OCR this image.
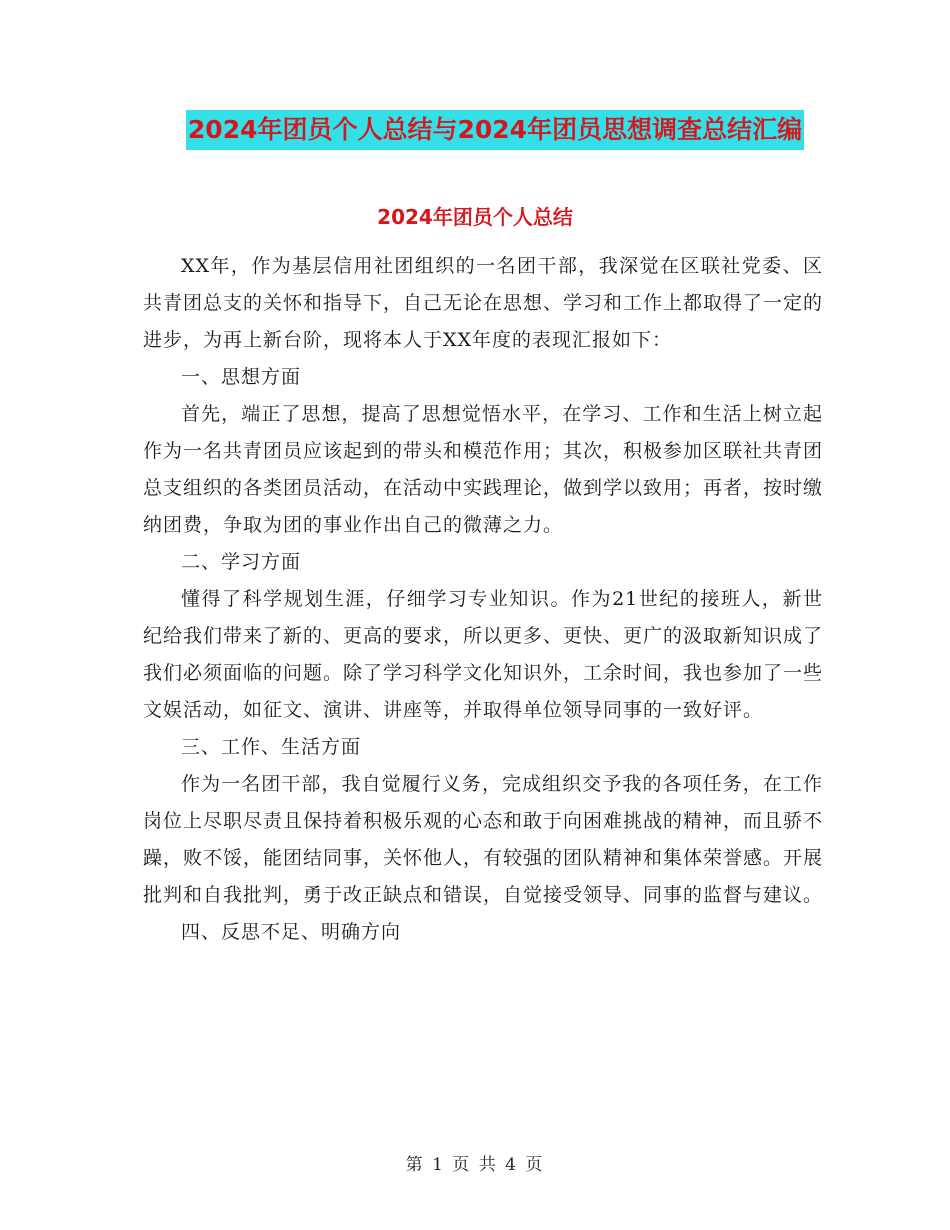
2024年团员个人总结与2024年团员思想调查总结汇编
2024年团员个人总结

XX年，作为基层信用社团组织的一名团干部，我深觉在区联社党委、区共青团总支的关怀和指导下，自己无论在思想、学习和工作上都取得了一定的进步，为再上新台阶，现将本人于XX年度的表现汇报如下：

一、思想方面

首先，端正了思想，提高了思想觉悟水平，在学习、工作和生活上树立起作为一名共青团员应该起到的带头和模范作用；其次，积极参加区联社共青团总支组织的各类团员活动，在活动中实践理论，做到学以致用；再者，按时缴纳团费，争取为团的事业作出自己的微薄之力。

二、学习方面

懂得了科学规划生涯，仔细学习专业知识。作为21世纪的接班人，新世纪给我们带来了新的、更高的要求，所以更多、更快、更广的汲取新知识成了我们必须面临的问题。除了学习科学文化知识外，工余时间，我也参加了一些文娱活动，如征文、演讲、讲座等，并取得单位领导同事的一致好评。

三、工作、生活方面

作为一名团干部，我自觉履行义务，完成组织交予我的各项任务，在工作岗位上尽职尽责且保持着积极乐观的心态和敢于向困难挑战的精神，而且骄不躁，败不馁，能团结同事，关怀他人，有较强的团队精神和集体荣誉感。开展批判和自我批判，勇于改正缺点和错误，自觉接受领导、同事的监督与建议。

四、反思不足、明确方向

第 1 页 共 4 页
